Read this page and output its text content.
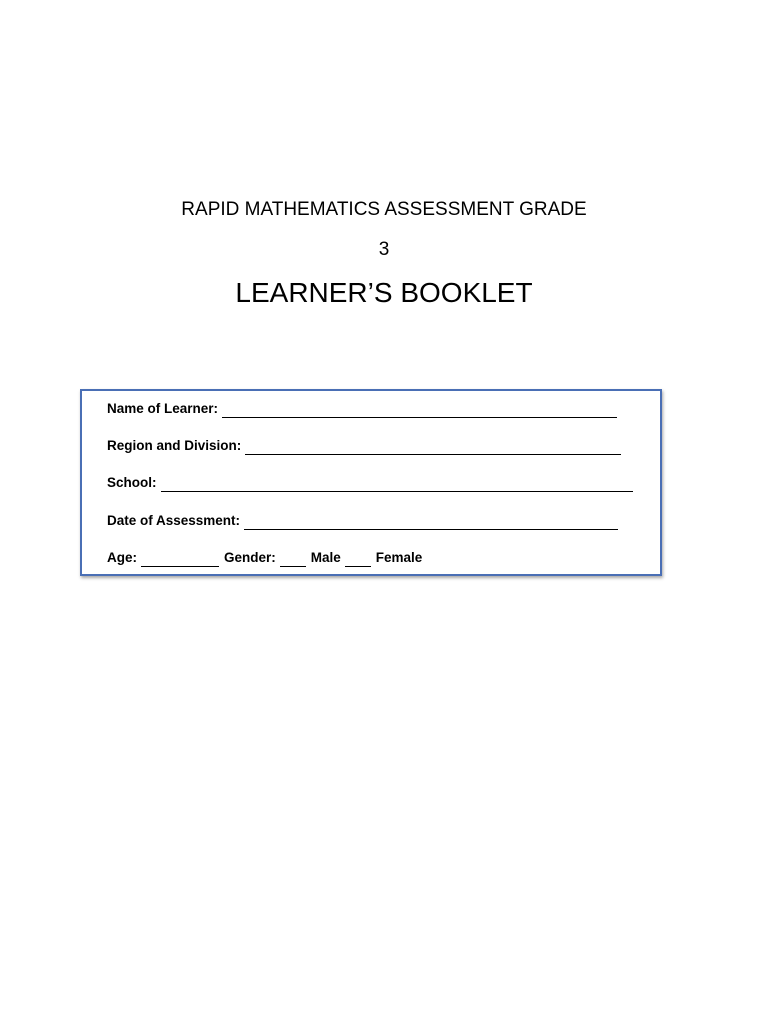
RAPID MATHEMATICS ASSESSMENT GRADE
3
LEARNER’S BOOKLET
Name of Learner:
Region and Division:
School:
Date of Assessment:
Age:	Gender:	Male	Female
